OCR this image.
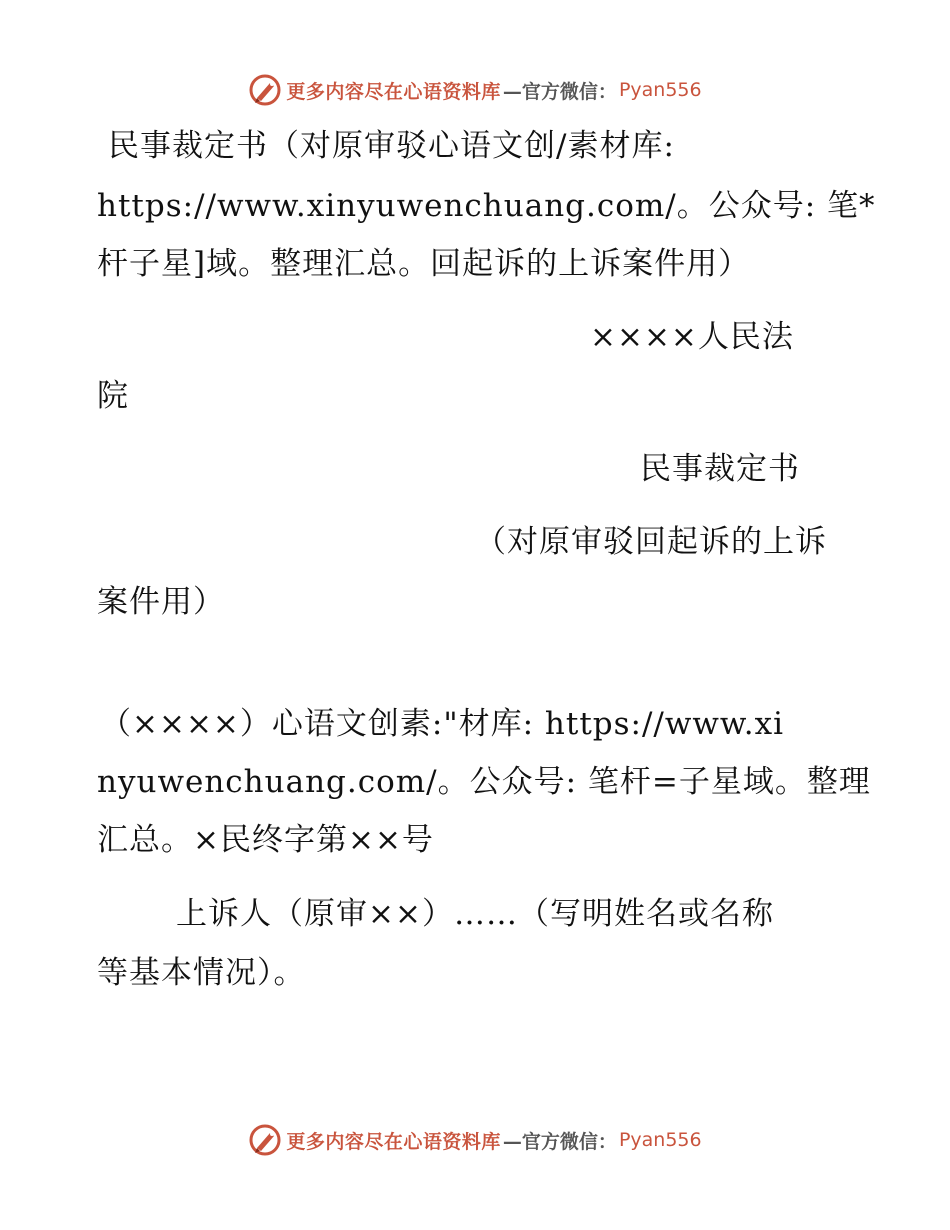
更多内容尽在心语资料库 —官方微信： Pyan556
民事裁定书（对原审驳心语文创/素材库:
https://www.xinyuwenchuang.com/。公众号: 笔*
杆子星]域。整理汇总。回起诉的上诉案件用）
××××人民法
院
民事裁定书
（对原审驳回起诉的上诉
案件用）
（××××）心语文创素:"材库: https://www.xi
nyuwenchuang.com/。公众号: 笔杆=子星域。整理
汇总。×民终字第××号
上诉人（原审××）……（写明姓名或名称
等基本情况）。
更多内容尽在心语资料库 —官方微信： Pyan556
